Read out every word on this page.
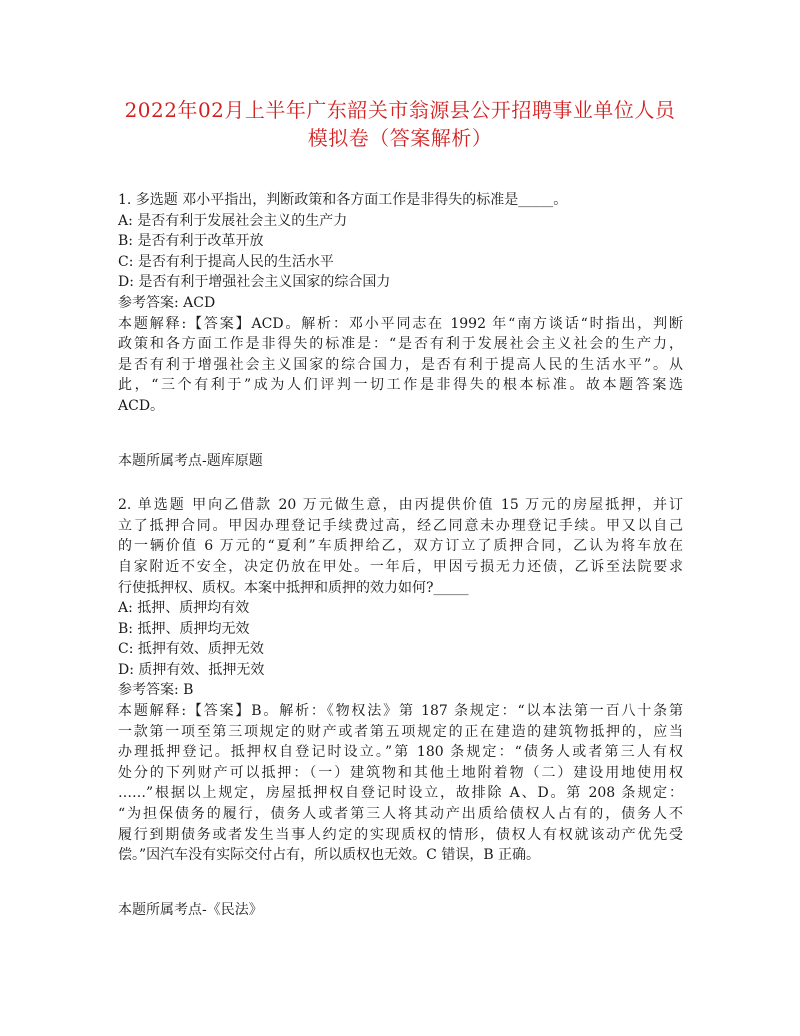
2022年02月上半年广东韶关市翁源县公开招聘事业单位人员
模拟卷（答案解析）
1. 多选题 邓小平指出，判断政策和各方面工作是非得失的标准是_____。
A: 是否有利于发展社会主义的生产力
B: 是否有利于改革开放
C: 是否有利于提高人民的生活水平
D: 是否有利于增强社会主义国家的综合国力
参考答案: ACD
本题解释:【答案】ACD。解析：邓小平同志在 1992 年“南方谈话“时指出，判断
政策和各方面工作是非得失的标准是：“是否有利于发展社会主义社会的生产力，
是否有利于增强社会主义国家的综合国力，是否有利于提高人民的生活水平”。从
此，“三个有利于”成为人们评判一切工作是非得失的根本标准。故本题答案选
ACD。
本题所属考点-题库原题
2. 单选题 甲向乙借款 20 万元做生意，由丙提供价值 15 万元的房屋抵押，并订
立了抵押合同。甲因办理登记手续费过高，经乙同意未办理登记手续。甲又以自己
的一辆价值 6 万元的“夏利”车质押给乙，双方订立了质押合同，乙认为将车放在
自家附近不安全，决定仍放在甲处。一年后，甲因亏损无力还债，乙诉至法院要求
行使抵押权、质权。本案中抵押和质押的效力如何?_____
A: 抵押、质押均有效
B: 抵押、质押均无效
C: 抵押有效、质押无效
D: 质押有效、抵押无效
参考答案: B
本题解释:【答案】B。解析：《物权法》第 187 条规定：“以本法第一百八十条第
一款第一项至第三项规定的财产或者第五项规定的正在建造的建筑物抵押的，应当
办理抵押登记。抵押权自登记时设立。”第 180 条规定：“债务人或者第三人有权
处分的下列财产可以抵押：（一）建筑物和其他土地附着物（二）建设用地使用权
……”根据以上规定，房屋抵押权自登记时设立，故排除 A、D。第 208 条规定：
“为担保债务的履行，债务人或者第三人将其动产出质给债权人占有的，债务人不
履行到期债务或者发生当事人约定的实现质权的情形，债权人有权就该动产优先受
偿。”因汽车没有实际交付占有，所以质权也无效。C 错误，B 正确。
本题所属考点-《民法》
